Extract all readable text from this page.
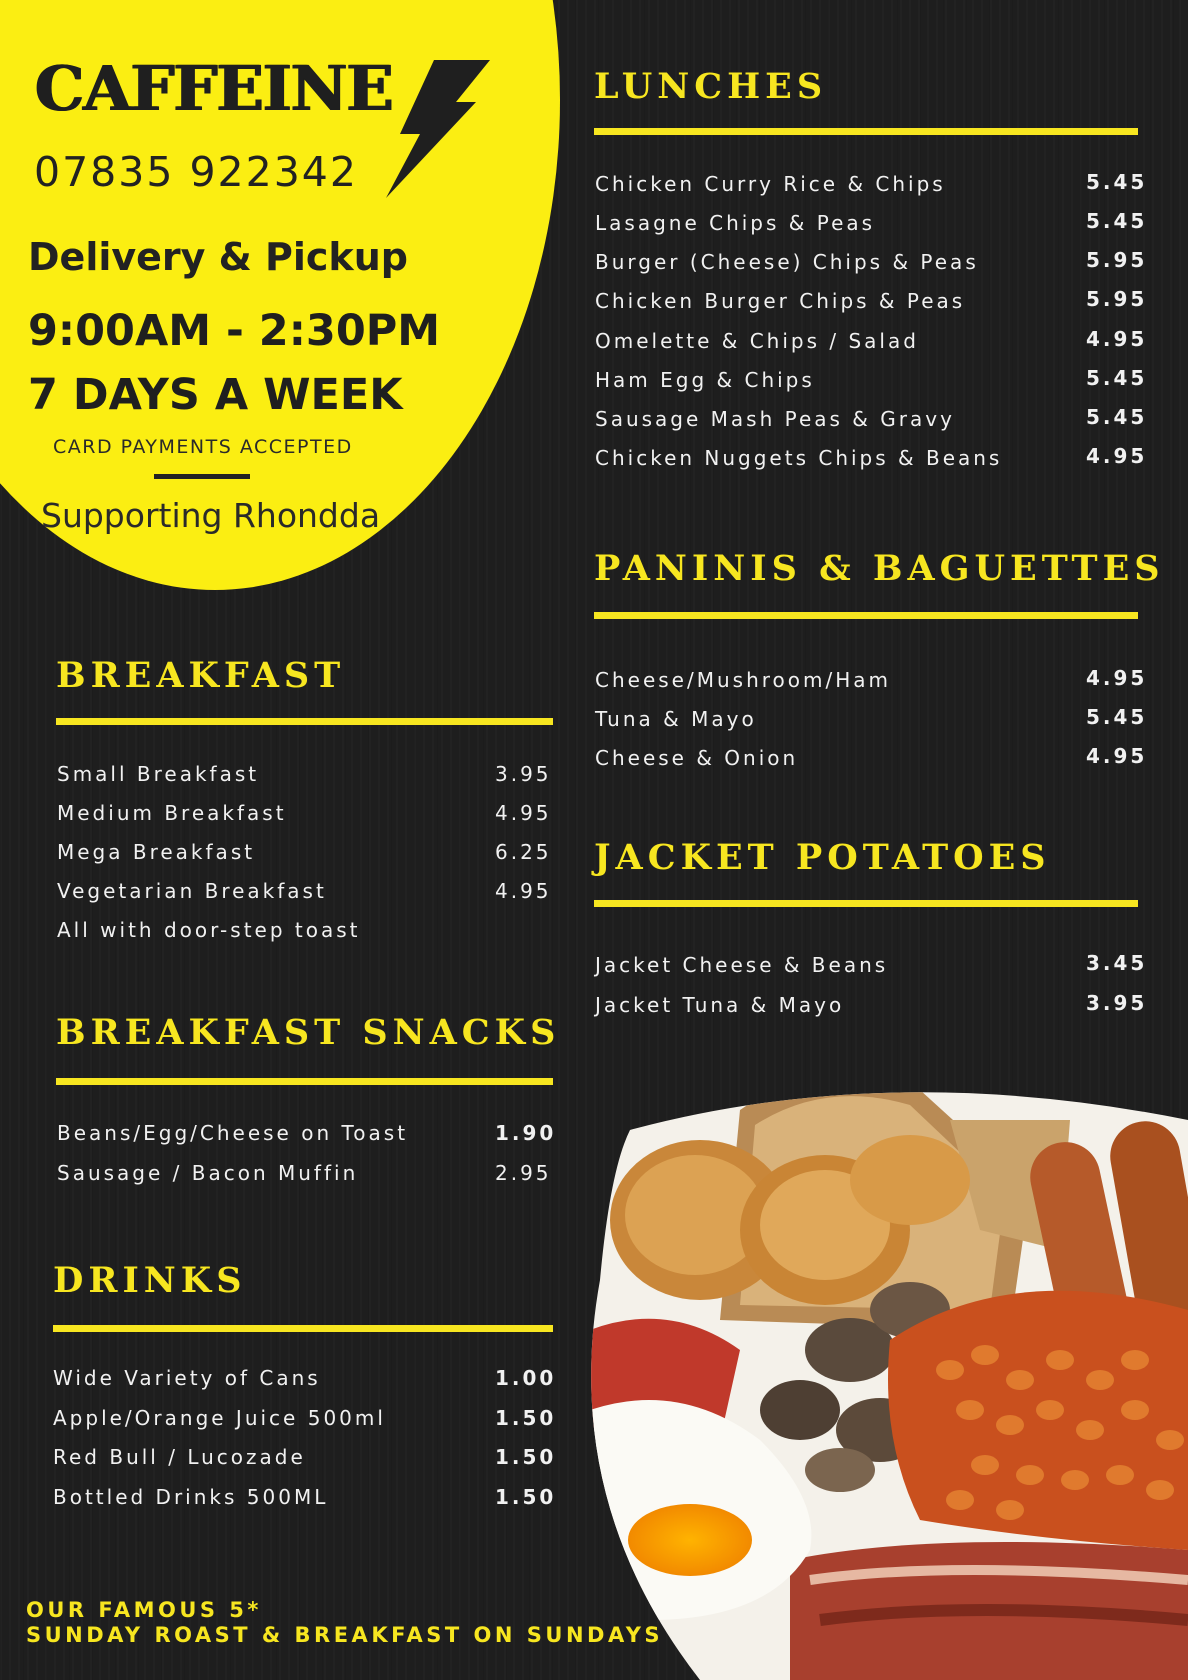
CAFFEINE
07835 922342
Delivery & Pickup
9:00AM - 2:30PM
7 DAYS A WEEK
CARD PAYMENTS ACCEPTED
Supporting Rhondda
BREAKFAST
Small Breakfast	3.95
Medium Breakfast	4.95
Mega Breakfast	6.25
Vegetarian Breakfast	4.95
All with door-step toast
BREAKFAST SNACKS
Beans/Egg/Cheese on Toast	1.90
Sausage / Bacon Muffin	2.95
DRINKS
Wide Variety of Cans	1.00
Apple/Orange Juice 500ml	1.50
Red Bull / Lucozade	1.50
Bottled Drinks 500ML	1.50
LUNCHES
Chicken Curry Rice & Chips	5.45
Lasagne Chips & Peas	5.45
Burger (Cheese) Chips & Peas	5.95
Chicken Burger Chips & Peas	5.95
Omelette & Chips / Salad	4.95
Ham Egg & Chips	5.45
Sausage Mash Peas & Gravy	5.45
Chicken Nuggets Chips & Beans	4.95
PANINIS & BAGUETTES
Cheese/Mushroom/Ham	4.95
Tuna & Mayo	5.45
Cheese & Onion	4.95
JACKET POTATOES
Jacket Cheese & Beans	3.45
Jacket Tuna & Mayo	3.95
OUR FAMOUS 5*
SUNDAY ROAST & BREAKFAST ON SUNDAYS
